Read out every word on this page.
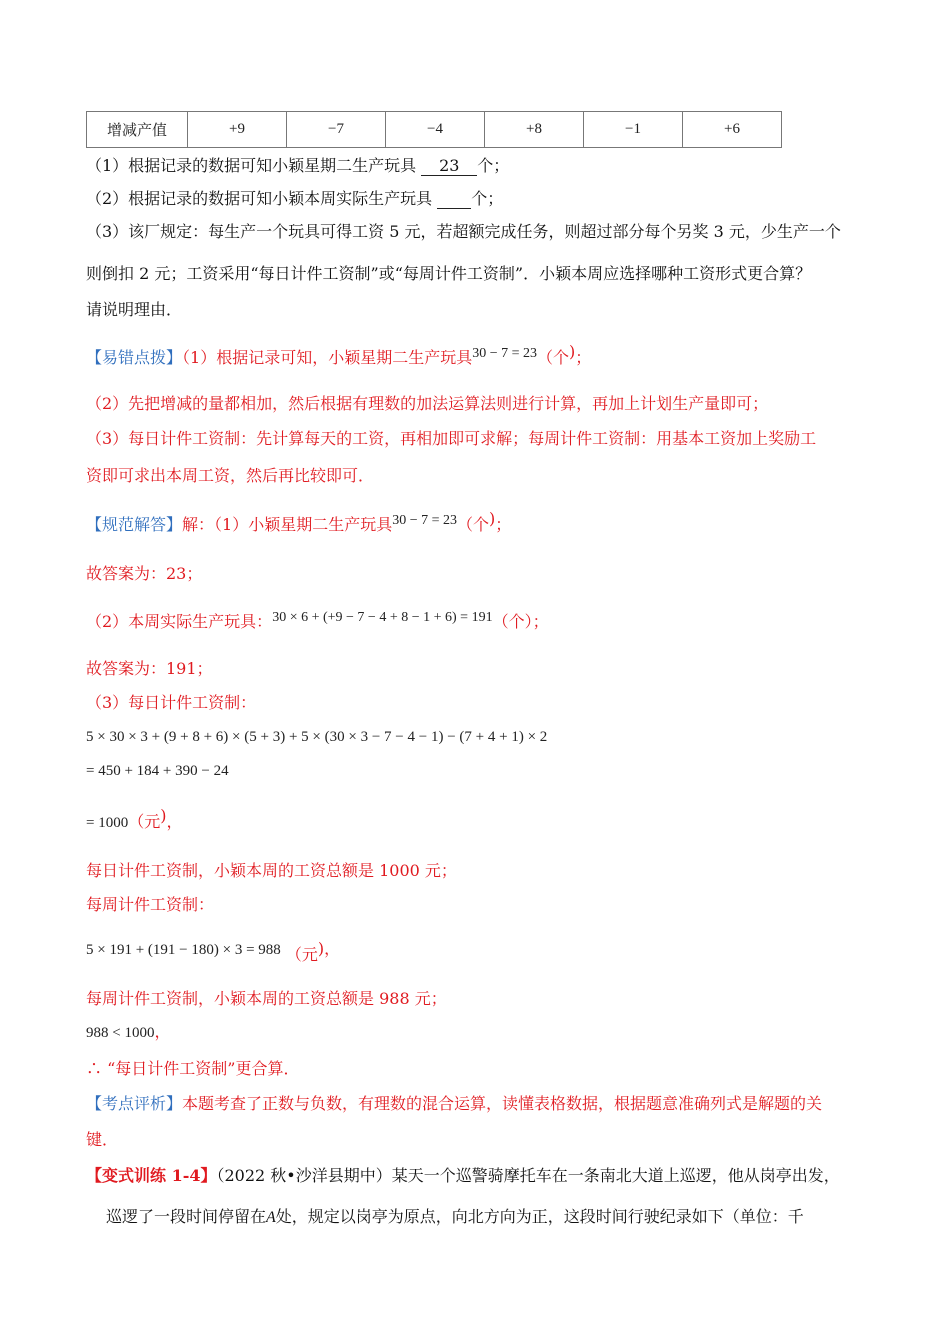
增减产值	+9	−7	−4	+8	−1	+6
（1）根据记录的数据可知小颖星期二生产玩具 23 个；
（2）根据记录的数据可知小颖本周实际生产玩具 个；
（3）该厂规定：每生产一个玩具可得工资 5 元，若超额完成任务，则超过部分每个另奖 3 元，少生产一个
则倒扣 2 元；工资采用“每日计件工资制”或“每周计件工资制”．小颖本周应选择哪种工资形式更合算？
请说明理由．
【易错点拨】（1）根据记录可知，小颖星期二生产玩具30 − 7 = 23（个)；
（2）先把增减的量都相加，然后根据有理数的加法运算法则进行计算，再加上计划生产量即可；
（3）每日计件工资制：先计算每天的工资，再相加即可求解；每周计件工资制：用基本工资加上奖励工
资即可求出本周工资，然后再比较即可．
【规范解答】解：（1）小颖星期二生产玩具30 − 7 = 23（个)；
故答案为：23；
（2）本周实际生产玩具：30 × 6 + (+9 − 7 − 4 + 8 − 1 + 6) = 191（个）；
故答案为：191；
（3）每日计件工资制：
5 × 30 × 3 + (9 + 8 + 6) × (5 + 3) + 5 × (30 × 3 − 7 − 4 − 1) − (7 + 4 + 1) × 2
= 450 + 184 + 390 − 24
= 1000（元)，
每日计件工资制，小颖本周的工资总额是 1000 元；
每周计件工资制：
5 × 191 + (191 − 180) × 3 = 988 （元)，
每周计件工资制，小颖本周的工资总额是 988 元；
988 < 1000，
∴ “每日计件工资制”更合算．
【考点评析】本题考查了正数与负数，有理数的混合运算，读懂表格数据，根据题意准确列式是解题的关
键．
【变式训练 1-4】（2022 秋•沙洋县期中）某天一个巡警骑摩托车在一条南北大道上巡逻，他从岗亭出发，
巡逻了一段时间停留在A处，规定以岗亭为原点，向北方向为正，这段时间行驶纪录如下（单位：千
